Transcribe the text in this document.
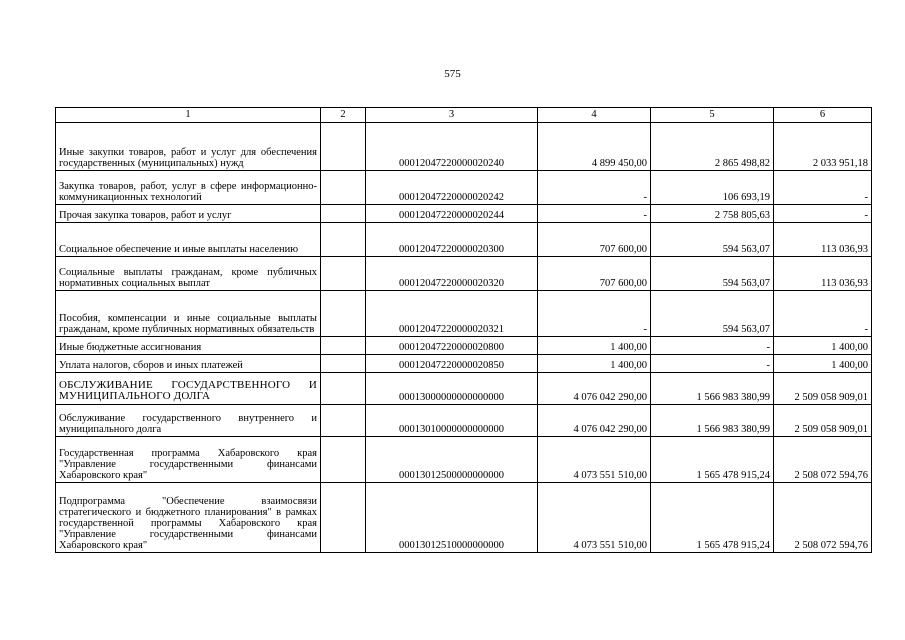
575
1	2	3	4	5	6
Иные закупки товаров, работ и услуг для обеспечения государственных (муниципальных) нужд		00012047220000020240	4 899 450,00	2 865 498,82	2 033 951,18
Закупка товаров, работ, услуг в сфере информационно-коммуникационных технологий		00012047220000020242	-	106 693,19	-
Прочая закупка товаров, работ и услуг		00012047220000020244	-	2 758 805,63	-
Социальное обеспечение и иные выплаты населению		00012047220000020300	707 600,00	594 563,07	113 036,93
Социальные выплаты гражданам, кроме публичных нормативных социальных выплат		00012047220000020320	707 600,00	594 563,07	113 036,93
Пособия, компенсации и иные социальные выплаты гражданам, кроме публичных нормативных обязательств		00012047220000020321	-	594 563,07	-
Иные бюджетные ассигнования		00012047220000020800	1 400,00	-	1 400,00
Уплата налогов, сборов и иных платежей		00012047220000020850	1 400,00	-	1 400,00
ОБСЛУЖИВАНИЕ ГОСУДАРСТВЕННОГО И МУНИЦИПАЛЬНОГО ДОЛГА		00013000000000000000	4 076 042 290,00	1 566 983 380,99	2 509 058 909,01
Обслуживание государственного внутреннего и муниципального долга		00013010000000000000	4 076 042 290,00	1 566 983 380,99	2 509 058 909,01
Государственная программа Хабаровского края "Управление государственными финансами Хабаровского края"		00013012500000000000	4 073 551 510,00	1 565 478 915,24	2 508 072 594,76
Подпрограмма "Обеспечение взаимосвязи стратегического и бюджетного планирования" в рамках государственной программы Хабаровского края "Управление государственными финансами Хабаровского края"		00013012510000000000	4 073 551 510,00	1 565 478 915,24	2 508 072 594,76
